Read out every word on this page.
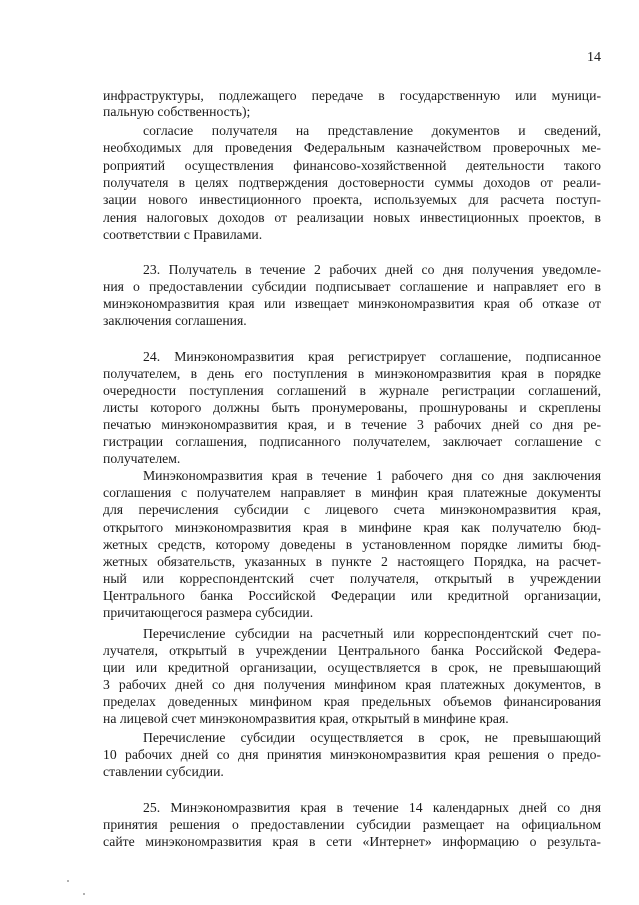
14
инфраструктуры, подлежащего передаче в государственную или муници-
пальную собственность);
согласие получателя на представление документов и сведений,
необходимых для проведения Федеральным казначейством проверочных ме-
роприятий осуществления финансово-хозяйственной деятельности такого
получателя в целях подтверждения достоверности суммы доходов от реали-
зации нового инвестиционного проекта, используемых для расчета поступ-
ления налоговых доходов от реализации новых инвестиционных проектов, в
соответствии с Правилами.
23. Получатель в течение 2 рабочих дней со дня получения уведомле-
ния о предоставлении субсидии подписывает соглашение и направляет его в
минэкономразвития края или извещает минэкономразвития края об отказе от
заключения соглашения.
24. Минэкономразвития края регистрирует соглашение, подписанное
получателем, в день его поступления в минэкономразвития края в порядке
очередности поступления соглашений в журнале регистрации соглашений,
листы которого должны быть пронумерованы, прошнурованы и скреплены
печатью минэкономразвития края, и в течение 3 рабочих дней со дня ре-
гистрации соглашения, подписанного получателем, заключает соглашение с
получателем.
Минэкономразвития края в течение 1 рабочего дня со дня заключения
соглашения с получателем направляет в минфин края платежные документы
для перечисления субсидии с лицевого счета минэкономразвития края,
открытого минэкономразвития края в минфине края как получателю бюд-
жетных средств, которому доведены в установленном порядке лимиты бюд-
жетных обязательств, указанных в пункте 2 настоящего Порядка, на расчет-
ный или корреспондентский счет получателя, открытый в учреждении
Центрального банка Российской Федерации или кредитной организации,
причитающегося размера субсидии.
Перечисление субсидии на расчетный или корреспондентский счет по-
лучателя, открытый в учреждении Центрального банка Российской Федера-
ции или кредитной организации, осуществляется в срок, не превышающий
3 рабочих дней со дня получения минфином края платежных документов, в
пределах доведенных минфином края предельных объемов финансирования
на лицевой счет минэкономразвития края, открытый в минфине края.
Перечисление субсидии осуществляется в срок, не превышающий
10 рабочих дней со дня принятия минэкономразвития края решения о предо-
ставлении субсидии.
25. Минэкономразвития края в течение 14 календарных дней со дня
принятия решения о предоставлении субсидии размещает на официальном
сайте минэкономразвития края в сети «Интернет» информацию о результа-
